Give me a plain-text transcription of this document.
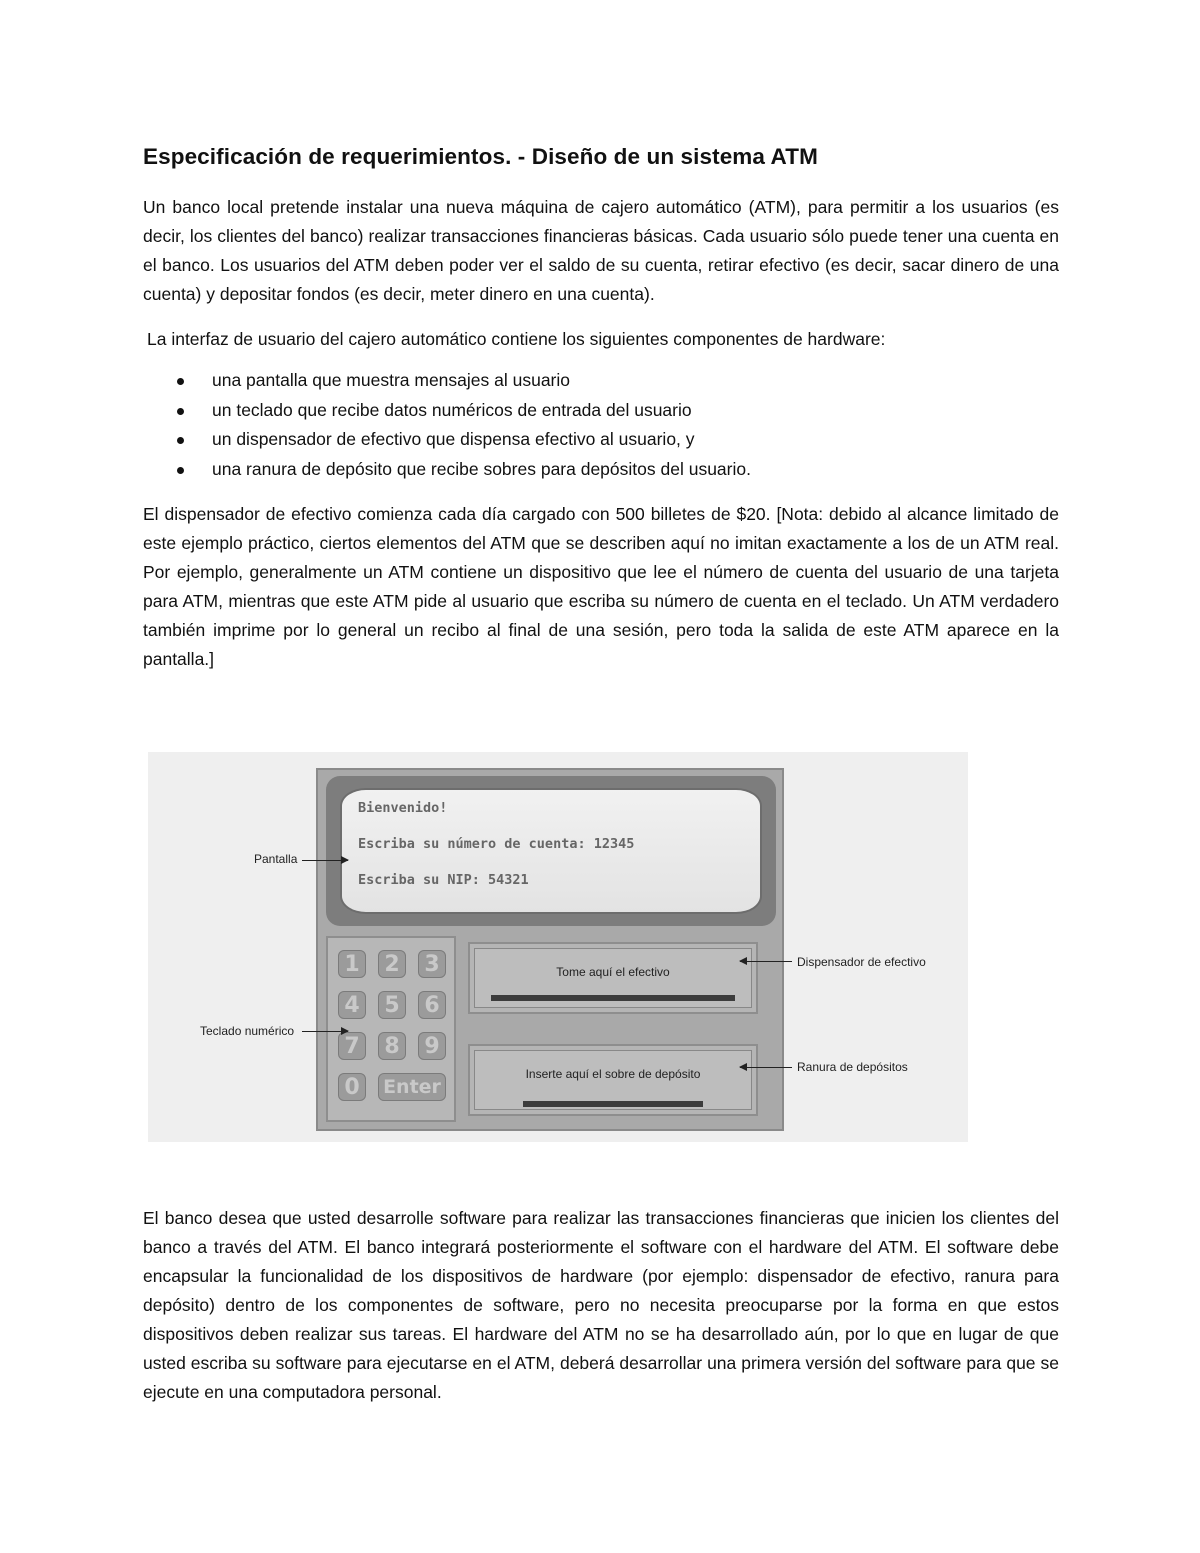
Especificación de requerimientos. - Diseño de un sistema ATM
Un banco local pretende instalar una nueva máquina de cajero automático (ATM), para permitir a los usuarios (es decir, los clientes del banco) realizar transacciones financieras básicas. Cada usuario sólo puede tener una cuenta en el banco. Los usuarios del ATM deben poder ver el saldo de su cuenta, retirar efectivo (es decir, sacar dinero de una cuenta) y depositar fondos (es decir, meter dinero en una cuenta).
La interfaz de usuario del cajero automático contiene los siguientes componentes de hardware:
una pantalla que muestra mensajes al usuario
un teclado que recibe datos numéricos de entrada del usuario
un dispensador de efectivo que dispensa efectivo al usuario, y
una ranura de depósito que recibe sobres para depósitos del usuario.
El dispensador de efectivo comienza cada día cargado con 500 billetes de $20. [Nota: debido al alcance limitado de este ejemplo práctico, ciertos elementos del ATM que se describen aquí no imitan exactamente a los de un ATM real. Por ejemplo, generalmente un ATM contiene un dispositivo que lee el número de cuenta del usuario de una tarjeta para ATM, mientras que este ATM pide al usuario que escriba su número de cuenta en el teclado. Un ATM verdadero también imprime por lo general un recibo al final de una sesión, pero toda la salida de este ATM aparece en la pantalla.]
Bienvenido!
Escriba su número de cuenta: 12345
Escriba su NIP: 54321
1 2 3
4 5 6
7 8 9
0	Enter
Tome aquí el efectivo
Inserte aquí el sobre de depósito
Pantalla
Teclado numérico
Dispensador de efectivo
Ranura de depósitos
El banco desea que usted desarrolle software para realizar las transacciones financieras que inicien los clientes del banco a través del ATM. El banco integrará posteriormente el software con el hardware del ATM. El software debe encapsular la funcionalidad de los dispositivos de hardware (por ejemplo: dispensador de efectivo, ranura para depósito) dentro de los componentes de software, pero no necesita preocuparse por la forma en que estos dispositivos deben realizar sus tareas. El hardware del ATM no se ha desarrollado aún, por lo que en lugar de que usted escriba su software para ejecutarse en el ATM, deberá desarrollar una primera versión del software para que se ejecute en una computadora personal.
